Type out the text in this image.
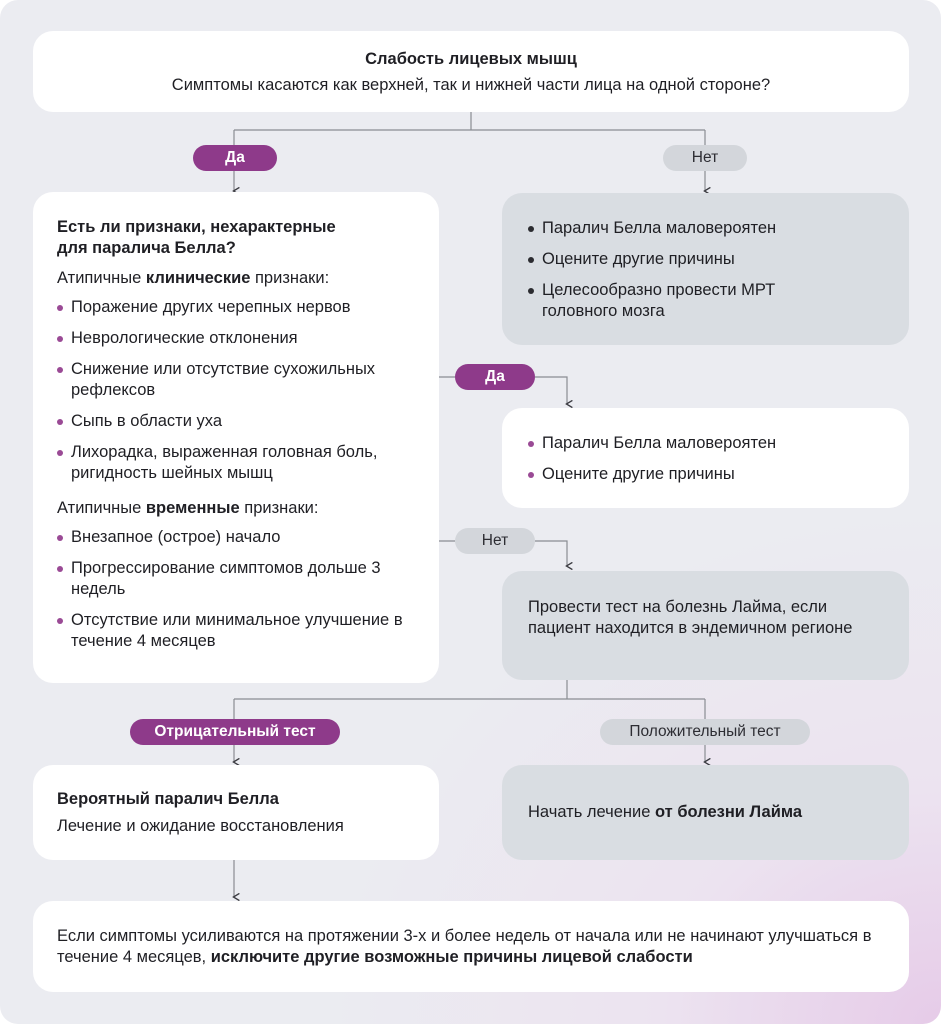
Слабость лицевых мышц
Симптомы касаются как верхней, так и нижней части лица на одной стороне?
Да	Нет
Да
Нет
Отрицательный тест	Положительный тест
Есть ли признаки, нехарактерные для паралича Белла?
Атипичные клинические признаки:
Поражение других черепных нервов
Неврологические отклонения
Снижение или отсутствие сухожильных рефлексов
Сыпь в области уха
Лихорадка, выраженная головная боль, ригидность шейных мышц
Атипичные временные признаки:
Внезапное (острое) начало
Прогрессирование симптомов дольше 3 недель
Отсутствие или минимальное улучшение в течение 4 месяцев
Паралич Белла маловероятен
Оцените другие причины
Целесообразно провести МРТ головного мозга
Паралич Белла маловероятен
Оцените другие причины
Провести тест на болезнь Лайма, если пациент находится в эндемичном регионе
Вероятный паралич Белла
Лечение и ожидание восстановления
Начать лечение от болезни Лайма
Если симптомы усиливаются на протяжении 3-х и более недель от начала или не начинают улучшаться в течение 4 месяцев, исключите другие возможные причины лицевой слабости
